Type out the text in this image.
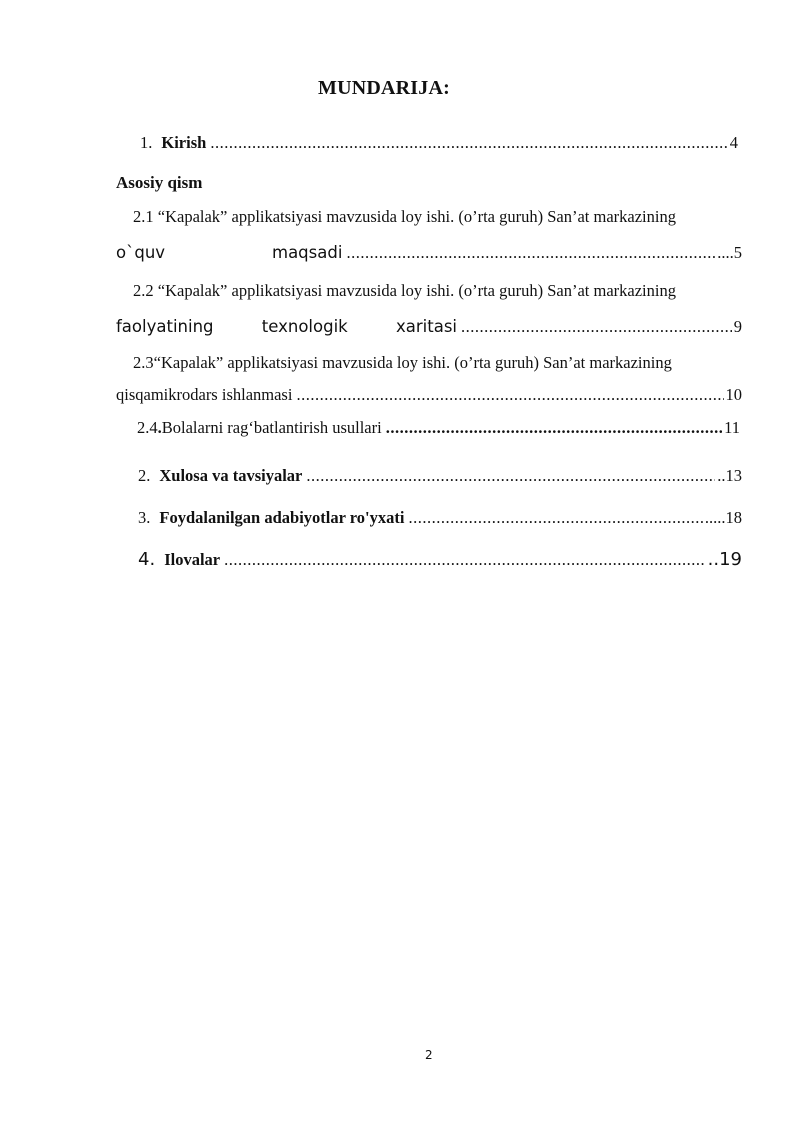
MUNDARIJA:
1. Kirish .....	4
Asosiy qism
2.1 “Kapalak” applikatsiyasi mavzusida loy ishi. (o’rta guruh) San’at markazining
o`quv	maqsadi .....	....5
2.2 “Kapalak” applikatsiyasi mavzusida loy ishi. (o’rta guruh) San’at markazining
faolyatining	texnologik	xaritasi .....	9
2.3“Kapalak” applikatsiyasi mavzusida loy ishi. (o’rta guruh) San’at markazining
qisqamikrodars ishlanmasi .....	10
2.4 . Bolalarni rag‘batlantirish usullari .....	11
2. Xulosa va tavsiyalar .....	..13
3. Foydalanilgan adabiyotlar ro'yxati .....	.....18
4. Ilovalar .....	..19
2
